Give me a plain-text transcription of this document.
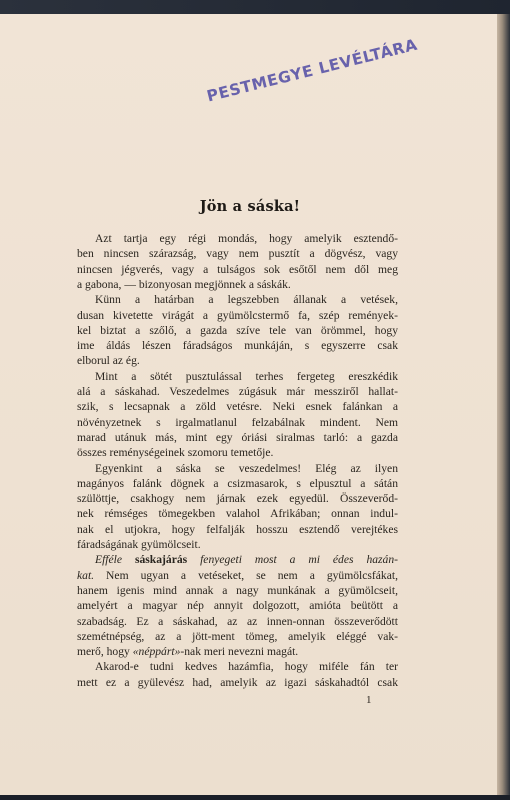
PESTMEGYE LEVÉLTÁRA
Jön a sáska!
Azt tartja egy régi mondás, hogy amelyik esztendő-
ben nincsen szárazság, vagy nem pusztít a dögvész, vagy
nincsen jégverés, vagy a tulságos sok esőtől nem dől meg
a gabona, — bizonyosan megjönnek a sáskák.
Künn a határban a legszebben állanak a vetések,
dusan kivetette virágát a gyümölcstermő fa, szép remények-
kel biztat a szőlő, a gazda szíve tele van örömmel, hogy
ime áldás lészen fáradságos munkáján, s egyszerre csak
elborul az ég.
Mint a sötét pusztulással terhes fergeteg ereszkédik
alá a sáskahad. Veszedelmes zúgásuk már messziről hallat-
szik, s lecsapnak a zöld vetésre. Neki esnek falánkan a
növényzetnek s irgalmatlanul felzabálnak mindent. Nem
marad utánuk más, mint egy óriási siralmas tarló: a gazda
összes reménységeinek szomoru temetője.
Egyenkint a sáska se veszedelmes! Elég az ilyen
magányos falánk dögnek a csizmasarok, s elpusztul a sátán
szülöttje, csakhogy nem járnak ezek egyedül. Összeverőd-
nek rémséges tömegekben valahol Afrikában; onnan indul-
nak el utjokra, hogy felfalják hosszu esztendő verejtékes
fáradságának gyümölcseit.
Efféle sáskajárás fenyegeti most a mi édes hazán-
kat. Nem ugyan a vetéseket, se nem a gyümölcsfákat,
hanem igenis mind annak a nagy munkának a gyümölcseit,
amelyért a magyar nép annyit dolgozott, amióta beütött a
szabadság. Ez a sáskahad, az az innen-onnan összeverődött
szemétnépség, az a jött-ment tömeg, amelyik eléggé vak-
merő, hogy «néppárt»-nak meri nevezni magát.
Akarod-e tudni kedves hazámfia, hogy miféle fán ter
mett ez a gyülevész had, amelyik az igazi sáskahadtól csak
1
